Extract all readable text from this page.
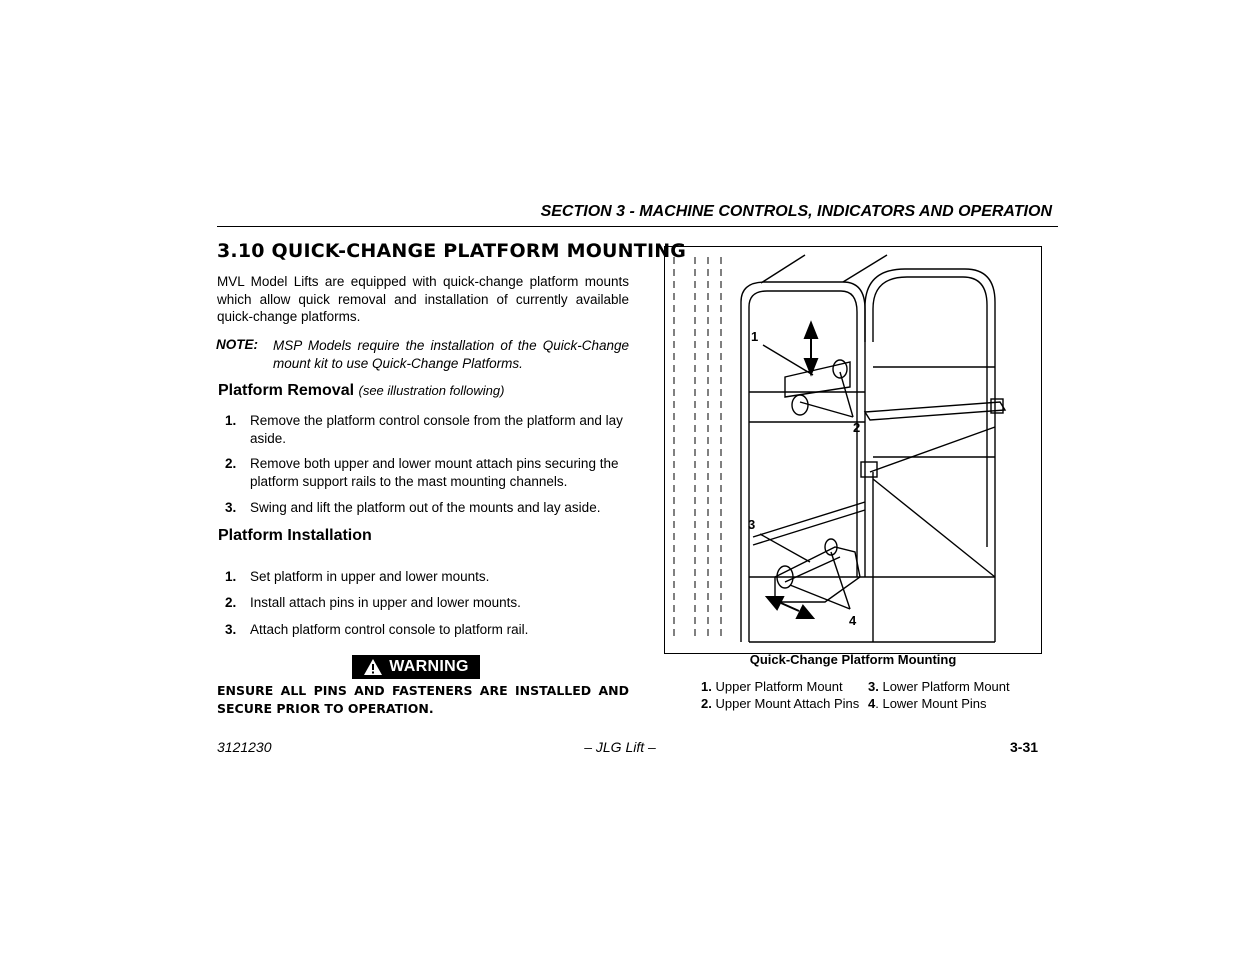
SECTION 3 - MACHINE CONTROLS, INDICATORS AND OPERATION
3.10 QUICK-CHANGE PLATFORM MOUNTING
MVL Model Lifts are equipped with quick-change platform mounts which allow quick removal and installation of currently available quick-change platforms.
NOTE: MSP Models require the installation of the Quick-Change mount kit to use Quick-Change Platforms.
Platform Removal (see illustration following)
1. Remove the platform control console from the platform and lay aside.
2. Remove both upper and lower mount attach pins securing the platform support rails to the mast mounting channels.
3. Swing and lift the platform out of the mounts and lay aside.
Platform Installation
1. Set platform in upper and lower mounts.
2. Install attach pins in upper and lower mounts.
3. Attach platform control console to platform rail.
WARNING
ENSURE ALL PINS AND FASTENERS ARE INSTALLED AND SECURE PRIOR TO OPERATION.
1
2
3
4
Quick-Change Platform Mounting
1. Upper Platform Mount
2. Upper Mount Attach Pins
3. Lower Platform Mount
4. Lower Mount Pins
3121230	– JLG Lift –	3-31
